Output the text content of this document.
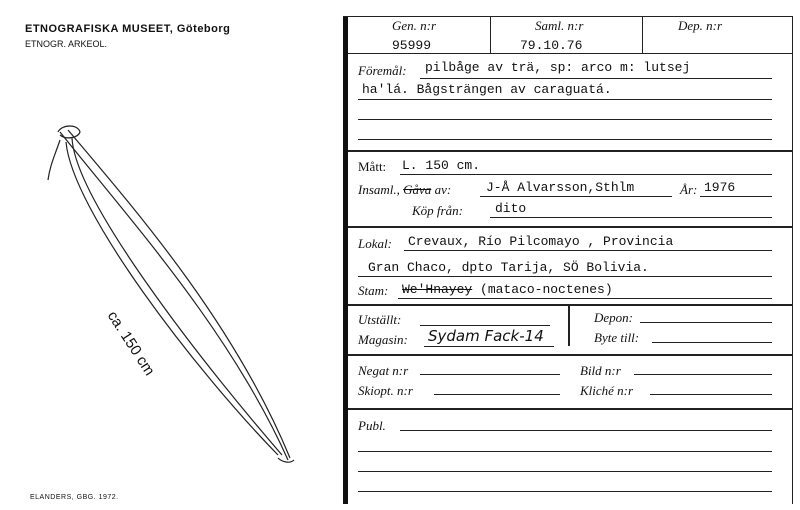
ETNOGRAFISKA MUSEET, Göteborg
ETNOGR. ARKEOL.
ca. 150 cm
ELANDERS, GBG. 1972.
Gen. n:r
95999
Saml. n:r
79.10.76
Dep. n:r
Föremål: pilbåge av trä, sp: arco m: lutsej
ha'lá. Bågsträngen av caraguatá.
Mått: L. 150 cm.
Insaml., Gåva av:	J-Å Alvarsson,Sthlm	År: 1976
Köp från: dito
Lokal: Crevaux, Río Pilcomayo , Provincia
Gran Chaco, dpto Tarija, SÖ Bolivia.
Stam: We'Hnayey (mataco-noctenes)
Utställt:
Magasin: Sydam Fack-14
Depon:
Byte till:
Negat n:r	Bild n:r
Skiopt. n:r	Kliché n:r
Publ.
